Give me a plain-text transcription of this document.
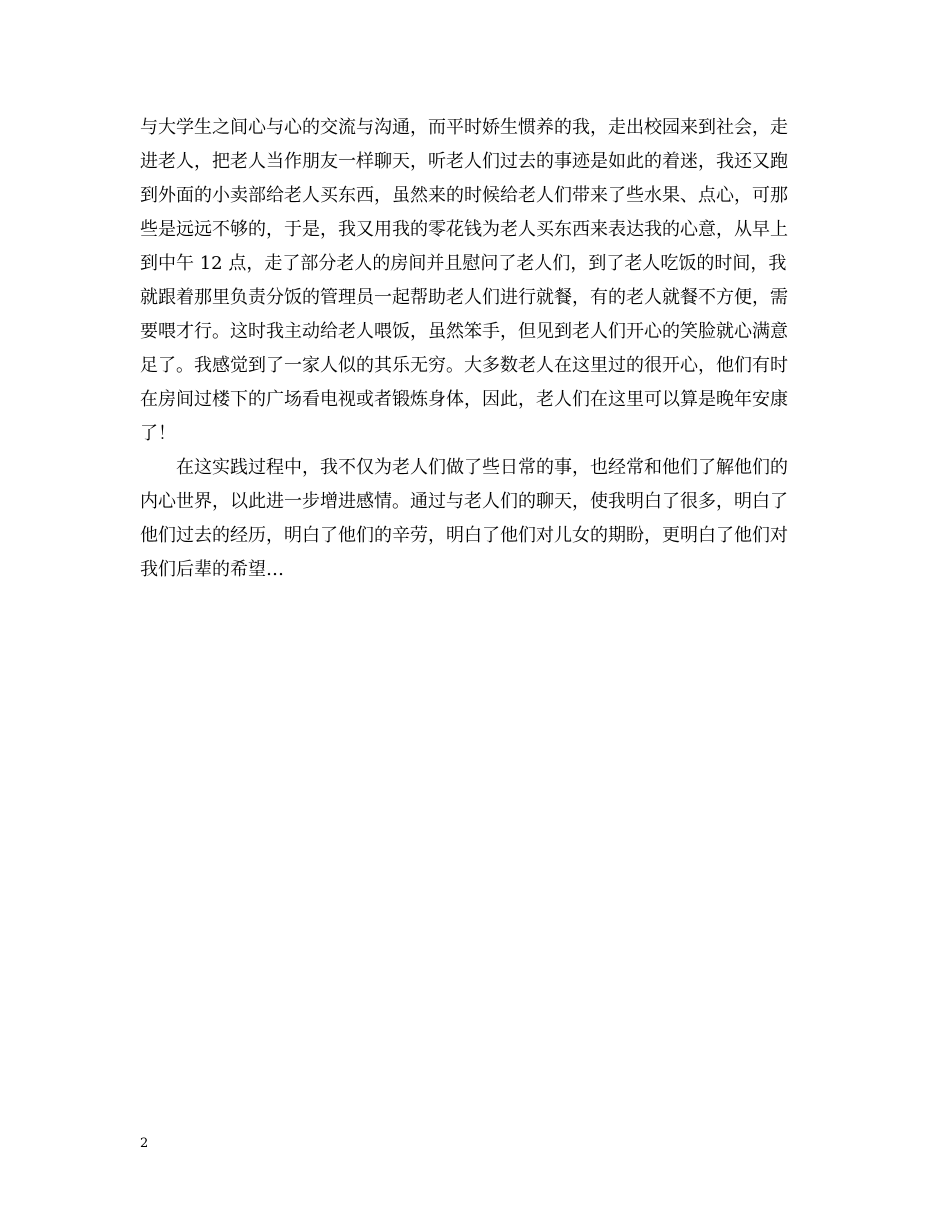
与大学生之间心与心的交流与沟通，而平时娇生惯养的我，走出校园来到社会，走
进老人，把老人当作朋友一样聊天，听老人们过去的事迹是如此的着迷，我还又跑
到外面的小卖部给老人买东西，虽然来的时候给老人们带来了些水果、点心，可那
些是远远不够的，于是，我又用我的零花钱为老人买东西来表达我的心意，从早上
到中午 12 点，走了部分老人的房间并且慰问了老人们，到了老人吃饭的时间，我
就跟着那里负责分饭的管理员一起帮助老人们进行就餐，有的老人就餐不方便，需
要喂才行。这时我主动给老人喂饭，虽然笨手，但见到老人们开心的笑脸就心满意
足了。我感觉到了一家人似的其乐无穷。大多数老人在这里过的很开心，他们有时
在房间过楼下的广场看电视或者锻炼身体，因此，老人们在这里可以算是晚年安康
了！
　　在这实践过程中，我不仅为老人们做了些日常的事，也经常和他们了解他们的
内心世界，以此进一步增进感情。通过与老人们的聊天，使我明白了很多，明白了
他们过去的经历，明白了他们的辛劳，明白了他们对儿女的期盼，更明白了他们对
我们后辈的希望…
2
